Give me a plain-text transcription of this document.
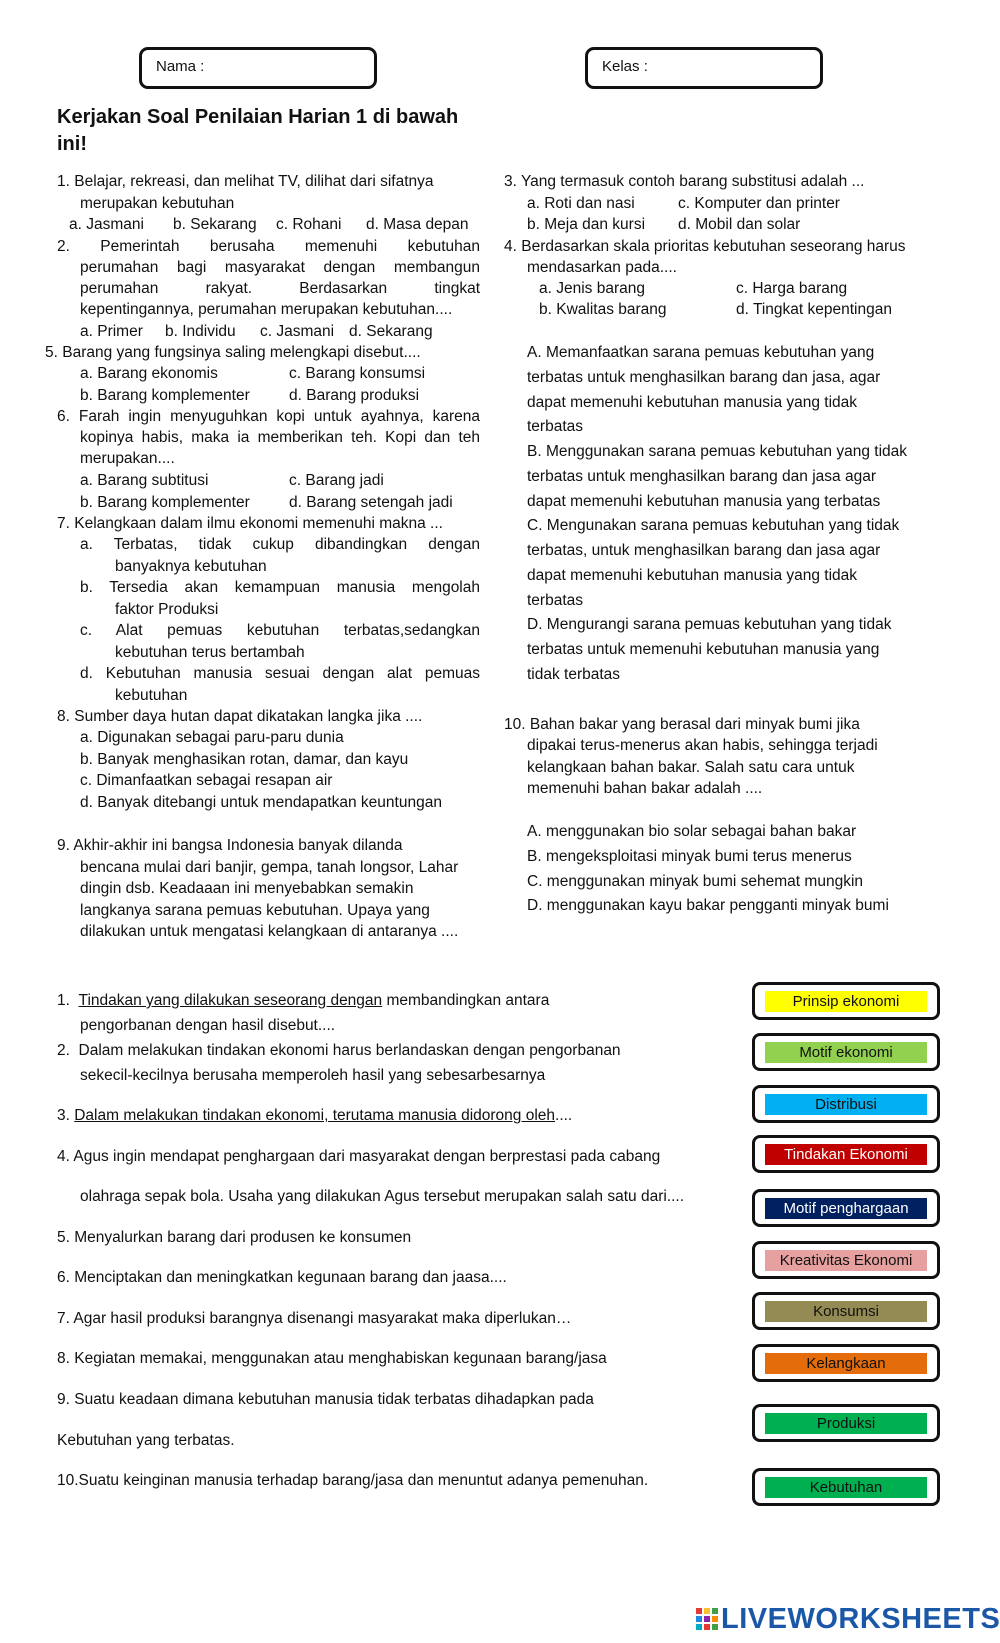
Nama :	Kelas :
Kerjakan Soal Penilaian Harian 1 di bawah ini!
1. Belajar, rekreasi, dan melihat TV, dilihat dari sifatnya
merupakan kebutuhan
a. Jasmani b. Sekarang c. Rohani d. Masa depan
2. Pemerintah berusaha memenuhi kebutuhan
perumahan bagi masyarakat dengan membangun
perumahan rakyat. Berdasarkan tingkat
kepentingannya, perumahan merupakan kebutuhan....
a. Primer b. Individu c. Jasmani d. Sekarang
5. Barang yang fungsinya saling melengkapi disebut....
a. Barang ekonomis	c. Barang konsumsi
b. Barang komplementer	d. Barang produksi
6. Farah ingin menyuguhkan kopi untuk ayahnya, karena
kopinya habis, maka ia memberikan teh. Kopi dan teh
merupakan....
a. Barang subtitusi	c. Barang jadi
b. Barang komplementer	d. Barang setengah jadi
7. Kelangkaan dalam ilmu ekonomi memenuhi makna ...
a. Terbatas, tidak cukup dibandingkan dengan
banyaknya kebutuhan
b. Tersedia akan kemampuan manusia mengolah
faktor Produksi
c. Alat pemuas kebutuhan terbatas,sedangkan
kebutuhan terus bertambah
d. Kebutuhan manusia sesuai dengan alat pemuas
kebutuhan
8. Sumber daya hutan dapat dikatakan langka jika ....
a. Digunakan sebagai paru-paru dunia
b. Banyak menghasikan rotan, damar, dan kayu
c. Dimanfaatkan sebagai resapan air
d. Banyak ditebangi untuk mendapatkan keuntungan
9. Akhir-akhir ini bangsa Indonesia banyak dilanda
bencana mulai dari banjir, gempa, tanah longsor, Lahar
dingin dsb. Keadaaan ini menyebabkan semakin
langkanya sarana pemuas kebutuhan. Upaya yang
dilakukan untuk mengatasi kelangkaan di antaranya ....
3. Yang termasuk contoh barang substitusi adalah ...
a. Roti dan nasi	c. Komputer dan printer
b. Meja dan kursi d. Mobil dan solar
4. Berdasarkan skala prioritas kebutuhan seseorang harus
mendasarkan pada....
a. Jenis barang	c. Harga barang
b. Kwalitas barang	d. Tingkat kepentingan
A. Memanfaatkan sarana pemuas kebutuhan yang
terbatas untuk menghasilkan barang dan jasa, agar
dapat memenuhi kebutuhan manusia yang tidak
terbatas
B. Menggunakan sarana pemuas kebutuhan yang tidak
terbatas untuk menghasilkan barang dan jasa agar
dapat memenuhi kebutuhan manusia yang terbatas
C. Mengunakan sarana pemuas kebutuhan yang tidak
terbatas, untuk menghasilkan barang dan jasa agar
dapat memenuhi kebutuhan manusia yang tidak
terbatas
D. Mengurangi sarana pemuas kebutuhan yang tidak
terbatas untuk memenuhi kebutuhan manusia yang
tidak terbatas
10. Bahan bakar yang berasal dari minyak bumi jika
dipakai terus-menerus akan habis, sehingga terjadi
kelangkaan bahan bakar. Salah satu cara untuk
memenuhi bahan bakar adalah ....
A. menggunakan bio solar sebagai bahan bakar
B. mengeksploitasi minyak bumi terus menerus
C. menggunakan minyak bumi sehemat mungkin
D. menggunakan kayu bakar pengganti minyak bumi
1.  Tindakan yang dilakukan seseorang dengan membandingkan antara
pengorbanan dengan hasil disebut....
2.  Dalam melakukan tindakan ekonomi harus berlandaskan dengan pengorbanan
sekecil-kecilnya berusaha memperoleh hasil yang sebesarbesarnya
3. Dalam melakukan tindakan ekonomi, terutama manusia didorong oleh....
4. Agus ingin mendapat penghargaan dari masyarakat dengan berprestasi pada cabang
olahraga sepak bola. Usaha yang dilakukan Agus tersebut merupakan salah satu dari....
5. Menyalurkan barang dari produsen ke konsumen
6. Menciptakan dan meningkatkan kegunaan barang dan jaasa....
7. Agar hasil produksi barangnya disenangi masyarakat maka diperlukan…
8. Kegiatan memakai, menggunakan atau menghabiskan kegunaan barang/jasa
9. Suatu keadaan dimana kebutuhan manusia tidak terbatas dihadapkan pada
Kebutuhan yang terbatas.
10.Suatu keinginan manusia terhadap barang/jasa dan menuntut adanya pemenuhan.
Prinsip ekonomi
Motif ekonomi
Distribusi
Tindakan Ekonomi
Motif penghargaan
Kreativitas Ekonomi
Konsumsi
Kelangkaan
Produksi
Kebutuhan
LIVEWORKSHEETS
